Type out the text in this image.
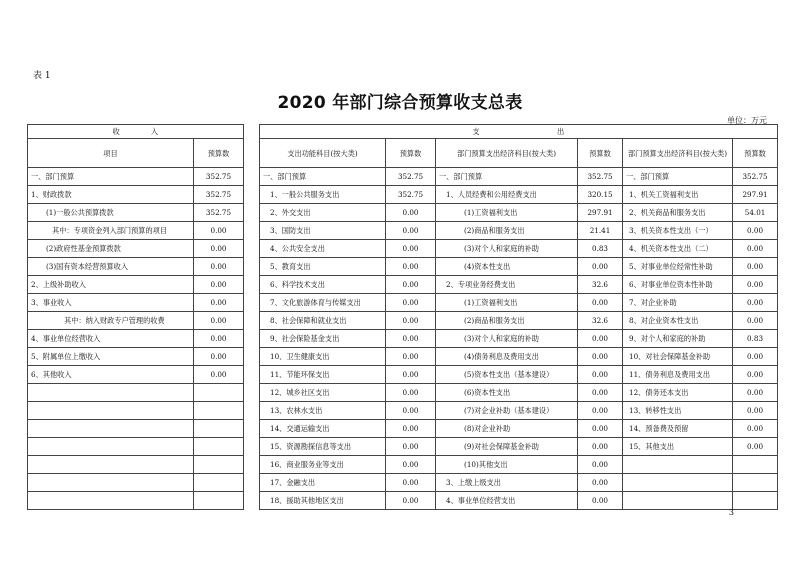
表 1
2020 年部门综合预算收支总表
单位：万元
收　　　　入			支　　　　　　　　　　出					
项目	预算数		支出功能科目(按大类)	预算数	部门预算支出经济科目(按大类)	预算数	部门预算支出经济科目(按大类)	预算数
一、部门预算	352.75		一、部门预算	352.75	一、部门预算	352.75	一、部门预算	352.75
1、财政拨款	352.75		1、一般公共服务支出	352.75	1、人员经费和公用经费支出	320.15	1、机关工资福利支出	297.91
(1)一般公共预算拨款	352.75		2、外交支出	0.00	(1)工资福利支出	297.91	2、机关商品和服务支出	54.01
其中：专项资金列入部门预算的项目	0.00		3、国防支出	0.00	(2)商品和服务支出	21.41	3、机关资本性支出（一）	0.00
(2)政府性基金预算拨款	0.00		4、公共安全支出	0.00	(3)对个人和家庭的补助	0.83	4、机关资本性支出（二）	0.00
(3)国有资本经营预算收入	0.00		5、教育支出	0.00	(4)资本性支出	0.00	5、对事业单位经常性补助	0.00
2、上级补助收入	0.00		6、科学技术支出	0.00	2、专项业务经费支出	32.6	6、对事业单位资本性补助	0.00
3、事业收入	0.00		7、文化旅游体育与传媒支出	0.00	(1)工资福利支出	0.00	7、对企业补助	0.00
其中：纳入财政专户管理的收费	0.00		8、社会保障和就业支出	0.00	(2)商品和服务支出	32.6	8、对企业资本性支出	0.00
4、事业单位经营收入	0.00		9、社会保险基金支出	0.00	(3)对个人和家庭的补助	0.00	9、对个人和家庭的补助	0.83
5、附属单位上缴收入	0.00		10、卫生健康支出	0.00	(4)债务利息及费用支出	0.00	10、对社会保障基金补助	0.00
6、其他收入	0.00		11、节能环保支出	0.00	(5)资本性支出（基本建设）	0.00	11、债务利息及费用支出	0.00
			12、城乡社区支出	0.00	(6)资本性支出	0.00	12、债务还本支出	0.00
			13、农林水支出	0.00	(7)对企业补助（基本建设）	0.00	13、转移性支出	0.00
			14、交通运输支出	0.00	(8)对企业补助	0.00	14、预备费及预留	0.00
			15、资源勘探信息等支出	0.00	(9)对社会保障基金补助	0.00	15、其他支出	0.00
			16、商业服务业等支出	0.00	(10)其他支出	0.00		
			17、金融支出	0.00	3、上缴上级支出	0.00		
			18、援助其他地区支出	0.00	4、事业单位经营支出	0.00		
3
